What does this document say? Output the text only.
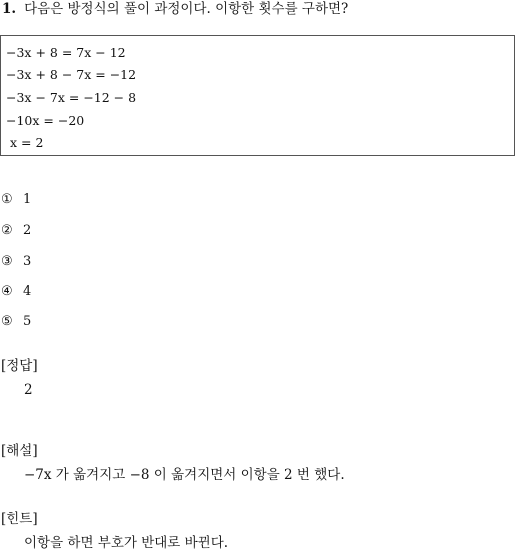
1. 다음은 방정식의 풀이 과정이다. 이항한 횟수를 구하면?
−3x + 8 = 7x − 12
−3x + 8 − 7x = −12
−3x − 7x = −12 − 8
−10x = −20
x = 2
① 1
② 2
③ 3
④ 4
⑤ 5
[정답]
2
[해설]
−7x 가 옮겨지고 −8 이 옮겨지면서 이항을 2 번 했다.
[힌트]
이항을 하면 부호가 반대로 바뀐다.
